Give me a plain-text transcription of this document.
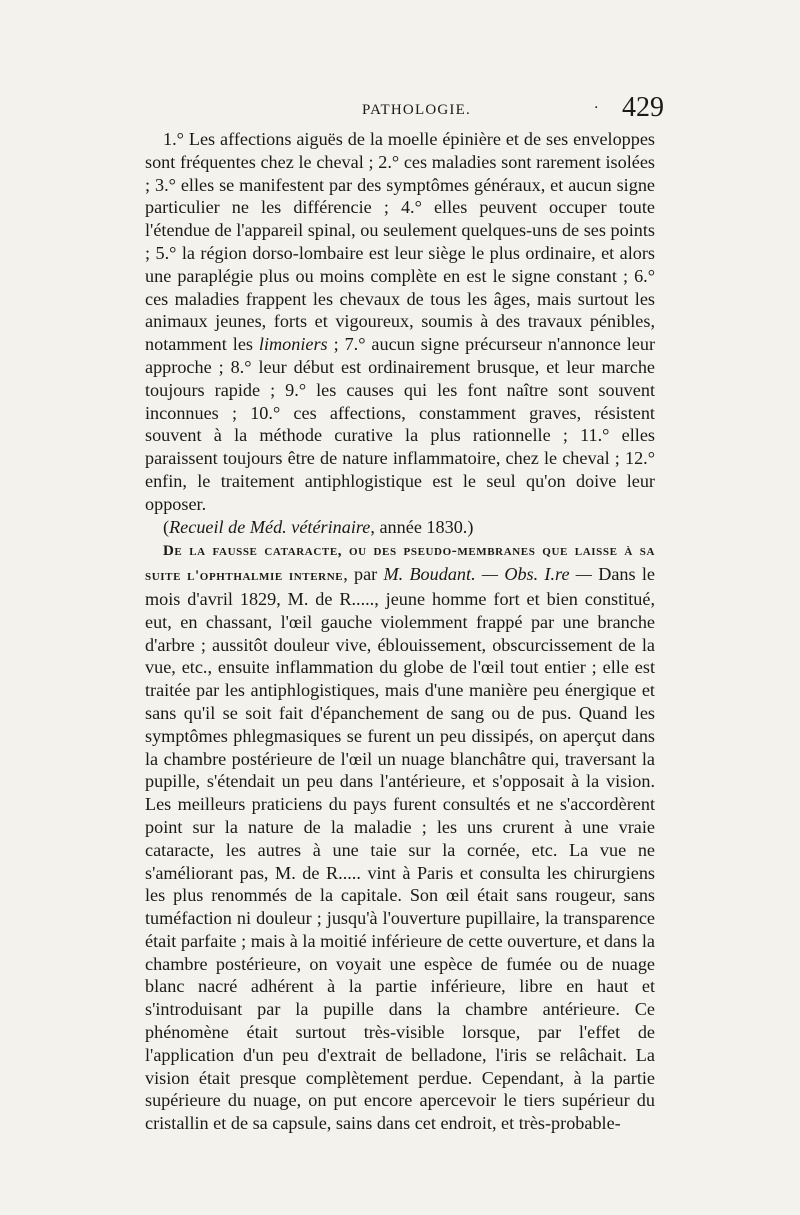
PATHOLOGIE.	· 429

1.° Les affections aiguës de la moelle épinière et de ses enveloppes sont fréquentes chez le cheval ; 2.° ces maladies sont rarement isolées ; 3.° elles se manifestent par des symptômes généraux, et aucun signe particulier ne les différencie ; 4.° elles peuvent occuper toute l'étendue de l'appareil spinal, ou seulement quelques-uns de ses points ; 5.° la région dorso-lombaire est leur siège le plus ordinaire, et alors une paraplégie plus ou moins complète en est le signe constant ; 6.° ces maladies frappent les chevaux de tous les âges, mais surtout les animaux jeunes, forts et vigoureux, soumis à des travaux pénibles, notamment les limoniers ; 7.° aucun signe précurseur n'annonce leur approche ; 8.° leur début est ordinairement brusque, et leur marche toujours rapide ; 9.° les causes qui les font naître sont souvent inconnues ; 10.° ces affections, constamment graves, résistent souvent à la méthode curative la plus rationnelle ; 11.° elles paraissent toujours être de nature inflammatoire, chez le cheval ; 12.° enfin, le traitement antiphlogistique est le seul qu'on doive leur opposer.

(Recueil de Méd. vétérinaire, année 1830.)

De la fausse cataracte, ou des pseudo-membranes que laisse à sa suite l'ophthalmie interne, par M. Boudant. — Obs. I.re — Dans le mois d'avril 1829, M. de R....., jeune homme fort et bien constitué, eut, en chassant, l'œil gauche violemment frappé par une branche d'arbre ; aussitôt douleur vive, éblouissement, obscurcissement de la vue, etc., ensuite inflammation du globe de l'œil tout entier ; elle est traitée par les antiphlogistiques, mais d'une manière peu énergique et sans qu'il se soit fait d'épanchement de sang ou de pus. Quand les symptômes phlegmasiques se furent un peu dissipés, on aperçut dans la chambre postérieure de l'œil un nuage blanchâtre qui, traversant la pupille, s'étendait un peu dans l'antérieure, et s'opposait à la vision. Les meilleurs praticiens du pays furent consultés et ne s'accordèrent point sur la nature de la maladie ; les uns crurent à une vraie cataracte, les autres à une taie sur la cornée, etc. La vue ne s'améliorant pas, M. de R..... vint à Paris et consulta les chirurgiens les plus renommés de la capitale. Son œil était sans rougeur, sans tuméfaction ni douleur ; jusqu'à l'ouverture pupillaire, la transparence était parfaite ; mais à la moitié inférieure de cette ouverture, et dans la chambre postérieure, on voyait une espèce de fumée ou de nuage blanc nacré adhérent à la partie inférieure, libre en haut et s'introduisant par la pupille dans la chambre antérieure. Ce phénomène était surtout très-visible lorsque, par l'effet de l'application d'un peu d'extrait de belladone, l'iris se relâchait. La vision était presque complètement perdue. Cependant, à la partie supérieure du nuage, on put encore apercevoir le tiers supérieur du cristallin et de sa capsule, sains dans cet endroit, et très-probable-
